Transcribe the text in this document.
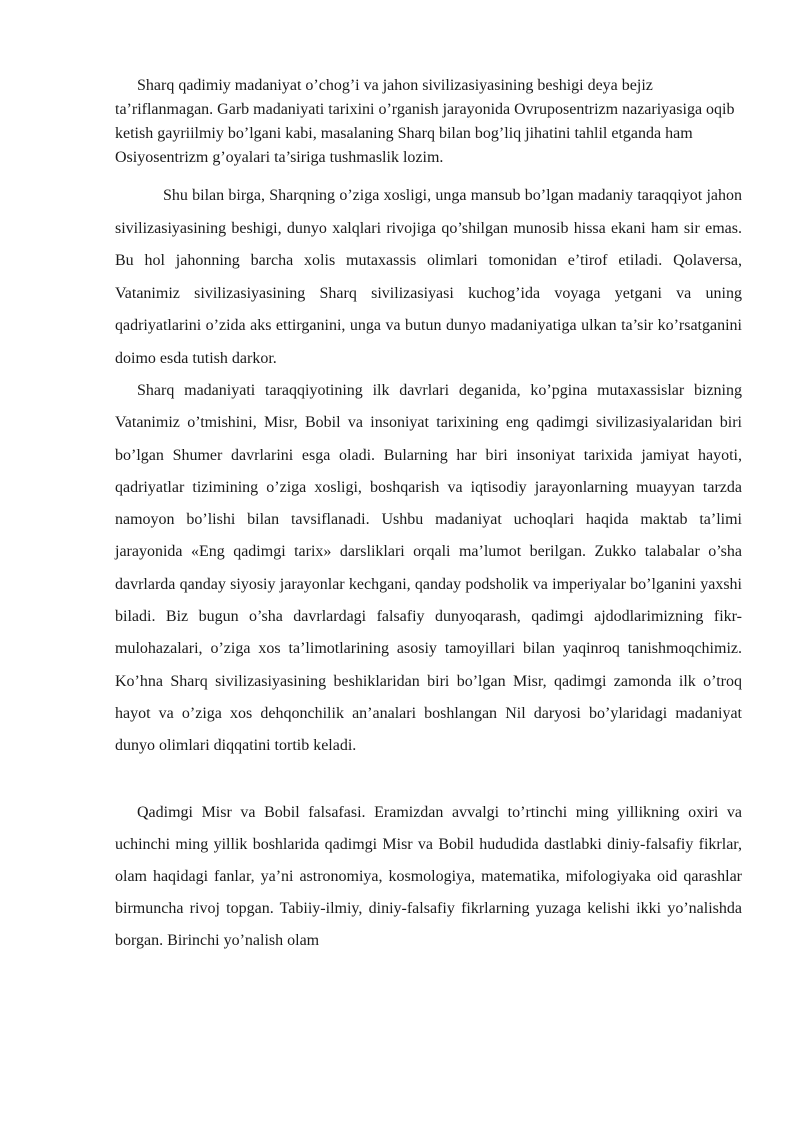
Sharq qadimiy madaniyat o’chog’i va jahon sivilizasiyasining beshigi deya bejiz ta’riflanmagan. Garb madaniyati tarixini o’rganish jarayonida Ovruposentrizm nazariyasiga oqib ketish gayriilmiy bo’lgani kabi, masalaning Sharq bilan bog’liq jihatini tahlil etganda ham Osiyosentrizm g’oyalari ta’siriga tushmaslik lozim.

Shu bilan birga, Sharqning o’ziga xosligi, unga mansub bo’lgan madaniy taraqqiyot jahon sivilizasiyasining beshigi, dunyo xalqlari rivojiga qo’shilgan munosib hissa ekani ham sir emas. Bu hol jahonning barcha xolis mutaxassis olimlari tomonidan e’tirof etiladi. Qolaversa, Vatanimiz sivilizasiyasining Sharq sivilizasiyasi kuchog’ida voyaga yetgani va uning qadriyatlarini o’zida aks ettirganini, unga va butun dunyo madaniyatiga ulkan ta’sir ko’rsatganini doimo esda tutish darkor.

Sharq madaniyati taraqqiyotining ilk davrlari deganida, ko’pgina mutaxassislar bizning Vatanimiz o’tmishini, Misr, Bobil va insoniyat tarixining eng qadimgi sivilizasiyalaridan biri bo’lgan Shumer davrlarini esga oladi. Bularning har biri insoniyat tarixida jamiyat hayoti, qadriyatlar tizimining o’ziga xosligi, boshqarish va iqtisodiy jarayonlarning muayyan tarzda namoyon bo’lishi bilan tavsiflanadi. Ushbu madaniyat uchoqlari haqida maktab ta’limi jarayonida «Eng qadimgi tarix» darsliklari orqali ma’lumot berilgan. Zukko talabalar o’sha davrlarda qanday siyosiy jarayonlar kechgani, qanday podsholik va imperiyalar bo’lganini yaxshi biladi. Biz bugun o’sha davrlardagi falsafiy dunyoqarash, qadimgi ajdodlarimizning fikr-mulohazalari, o’ziga xos ta’limotlarining asosiy tamoyillari bilan yaqinroq tanishmoqchimiz. Ko’hna Sharq sivilizasiyasining beshiklaridan biri bo’lgan Misr, qadimgi zamonda ilk o’troq hayot va o’ziga xos dehqonchilik an’analari boshlangan Nil daryosi bo’ylaridagi madaniyat dunyo olimlari diqqatini tortib keladi.

Qadimgi Misr va Bobil falsafasi. Eramizdan avvalgi to’rtinchi ming yillikning oxiri va uchinchi ming yillik boshlarida qadimgi Misr va Bobil hududida dastlabki diniy-falsafiy fikrlar, olam haqidagi fanlar, ya’ni astronomiya, kosmologiya, matematika, mifologiyaka oid qarashlar birmuncha rivoj topgan. Tabiiy-ilmiy, diniy-falsafiy fikrlarning yuzaga kelishi ikki yo’nalishda borgan. Birinchi yo’nalish olam
